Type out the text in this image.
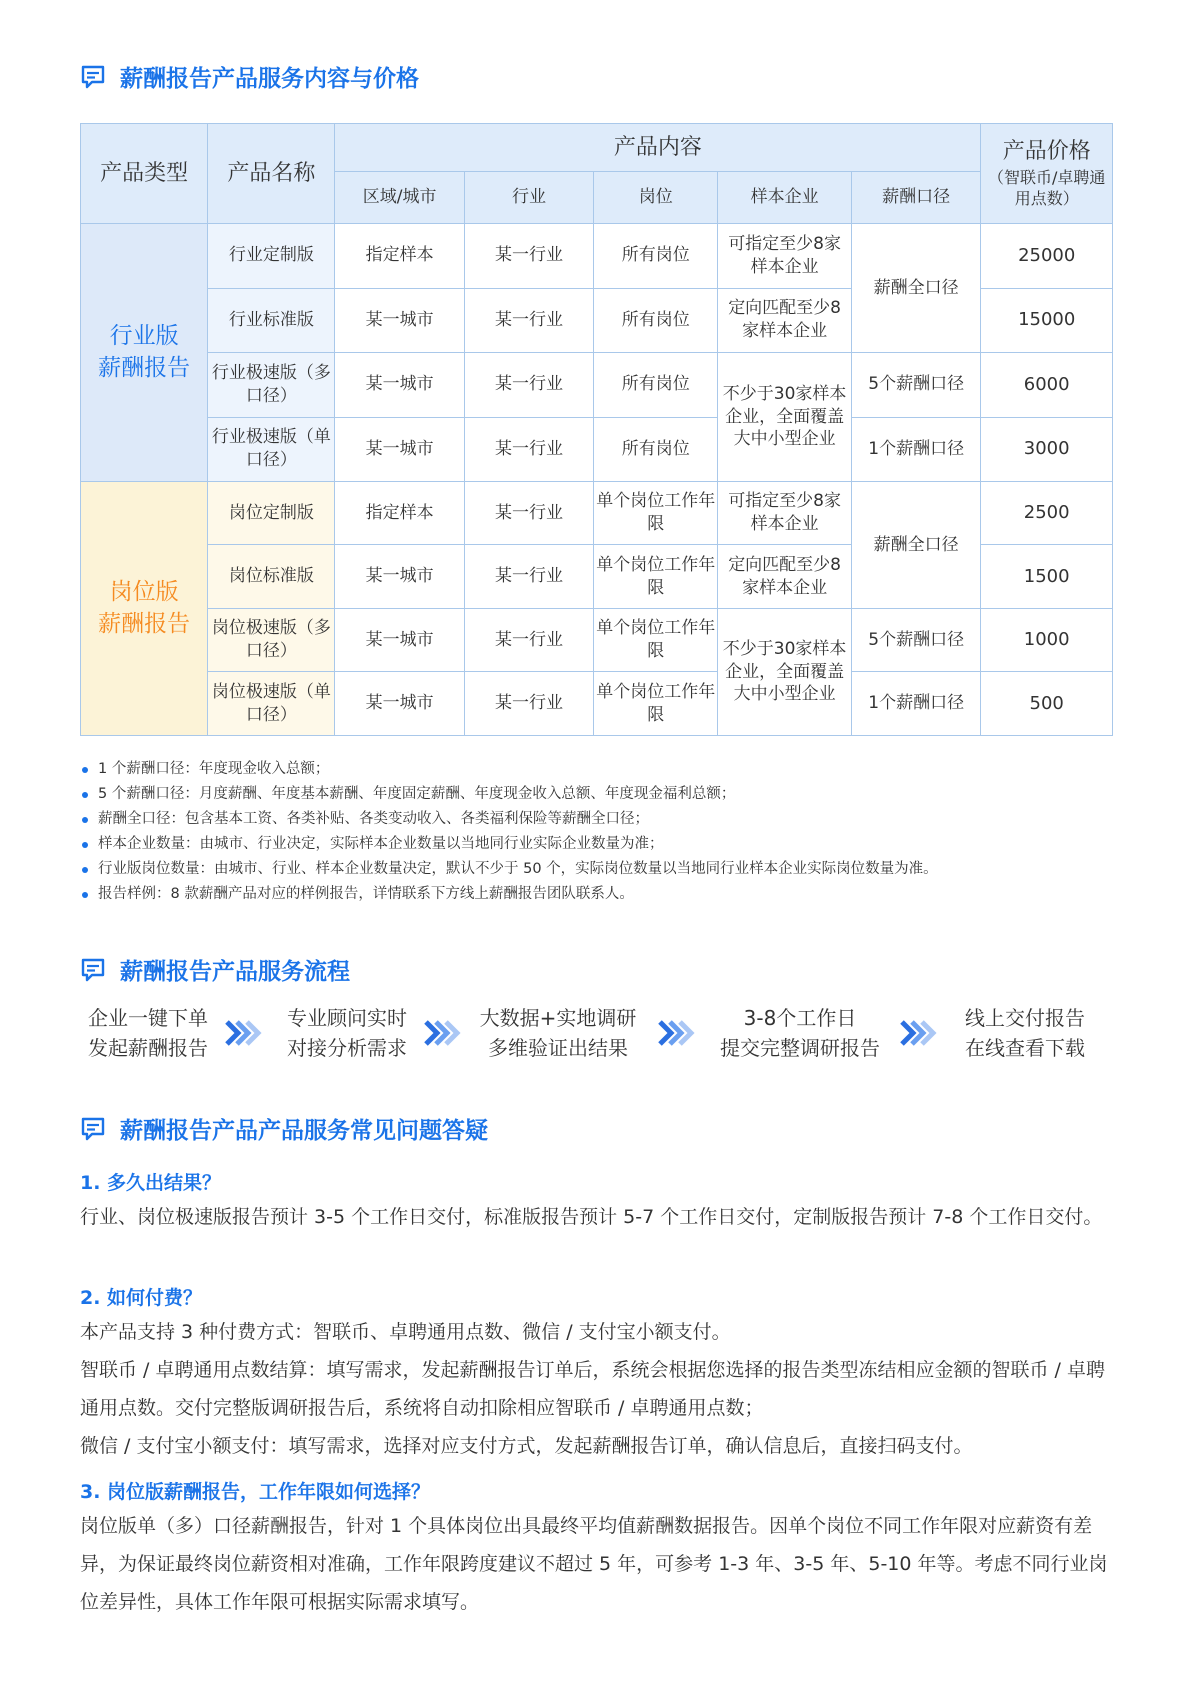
薪酬报告产品服务内容与价格
产品类型	产品名称	产品内容					产品价格
（智联币/卓聘通用点数）

		区域/城市	行业	岗位	样本企业	薪酬口径	

行业版
薪酬报告	行业定制版	指定样本	某一行业	所有岗位	可指定至少8家样本企业	薪酬全口径	25000
	行业标准版	某一城市	某一行业	所有岗位	定向匹配至少8家样本企业		15000
	行业极速版（多口径）	某一城市	某一行业	所有岗位	不少于30家样本企业，全面覆盖大中小型企业	5个薪酬口径	6000
	行业极速版（单口径）	某一城市	某一行业	所有岗位		1个薪酬口径	3000

岗位版
薪酬报告	岗位定制版	指定样本	某一行业	单个岗位工作年限	可指定至少8家样本企业	薪酬全口径	2500
	岗位标准版	某一城市	某一行业	单个岗位工作年限	定向匹配至少8家样本企业		1500
	岗位极速版（多口径）	某一城市	某一行业	单个岗位工作年限	不少于30家样本企业，全面覆盖大中小型企业	5个薪酬口径	1000
	岗位极速版（单口径）	某一城市	某一行业	单个岗位工作年限		1个薪酬口径	500
1 个薪酬口径：年度现金收入总额；
5 个薪酬口径：月度薪酬、年度基本薪酬、年度固定薪酬、年度现金收入总额、年度现金福利总额；
薪酬全口径：包含基本工资、各类补贴、各类变动收入、各类福利保险等薪酬全口径；
样本企业数量：由城市、行业决定，实际样本企业数量以当地同行业实际企业数量为准；
行业版岗位数量：由城市、行业、样本企业数量决定，默认不少于 50 个，实际岗位数量以当地同行业样本企业实际岗位数量为准。
报告样例：8 款薪酬产品对应的样例报告，详情联系下方线上薪酬报告团队联系人。
薪酬报告产品服务流程
企业一键下单
发起薪酬报告
专业顾问实时
对接分析需求
大数据+实地调研
多维验证出结果
3-8个工作日
提交完整调研报告
线上交付报告
在线查看下载
薪酬报告产品产品服务常见问题答疑
1. 多久出结果？
行业、岗位极速版报告预计 3-5 个工作日交付，标准版报告预计 5-7 个工作日交付，定制版报告预计 7-8 个工作日交付。
2. 如何付费？
本产品支持 3 种付费方式：智联币、卓聘通用点数、微信 / 支付宝小额支付。
智联币 / 卓聘通用点数结算：填写需求，发起薪酬报告订单后，系统会根据您选择的报告类型冻结相应金额的智联币 / 卓聘通用点数。交付完整版调研报告后，系统将自动扣除相应智联币 / 卓聘通用点数；
微信 / 支付宝小额支付：填写需求，选择对应支付方式，发起薪酬报告订单，确认信息后，直接扫码支付。
3. 岗位版薪酬报告，工作年限如何选择？
岗位版单（多）口径薪酬报告，针对 1 个具体岗位出具最终平均值薪酬数据报告。因单个岗位不同工作年限对应薪资有差异，为保证最终岗位薪资相对准确，工作年限跨度建议不超过 5 年，可参考 1-3 年、3-5 年、5-10 年等。考虑不同行业岗位差异性，具体工作年限可根据实际需求填写。
